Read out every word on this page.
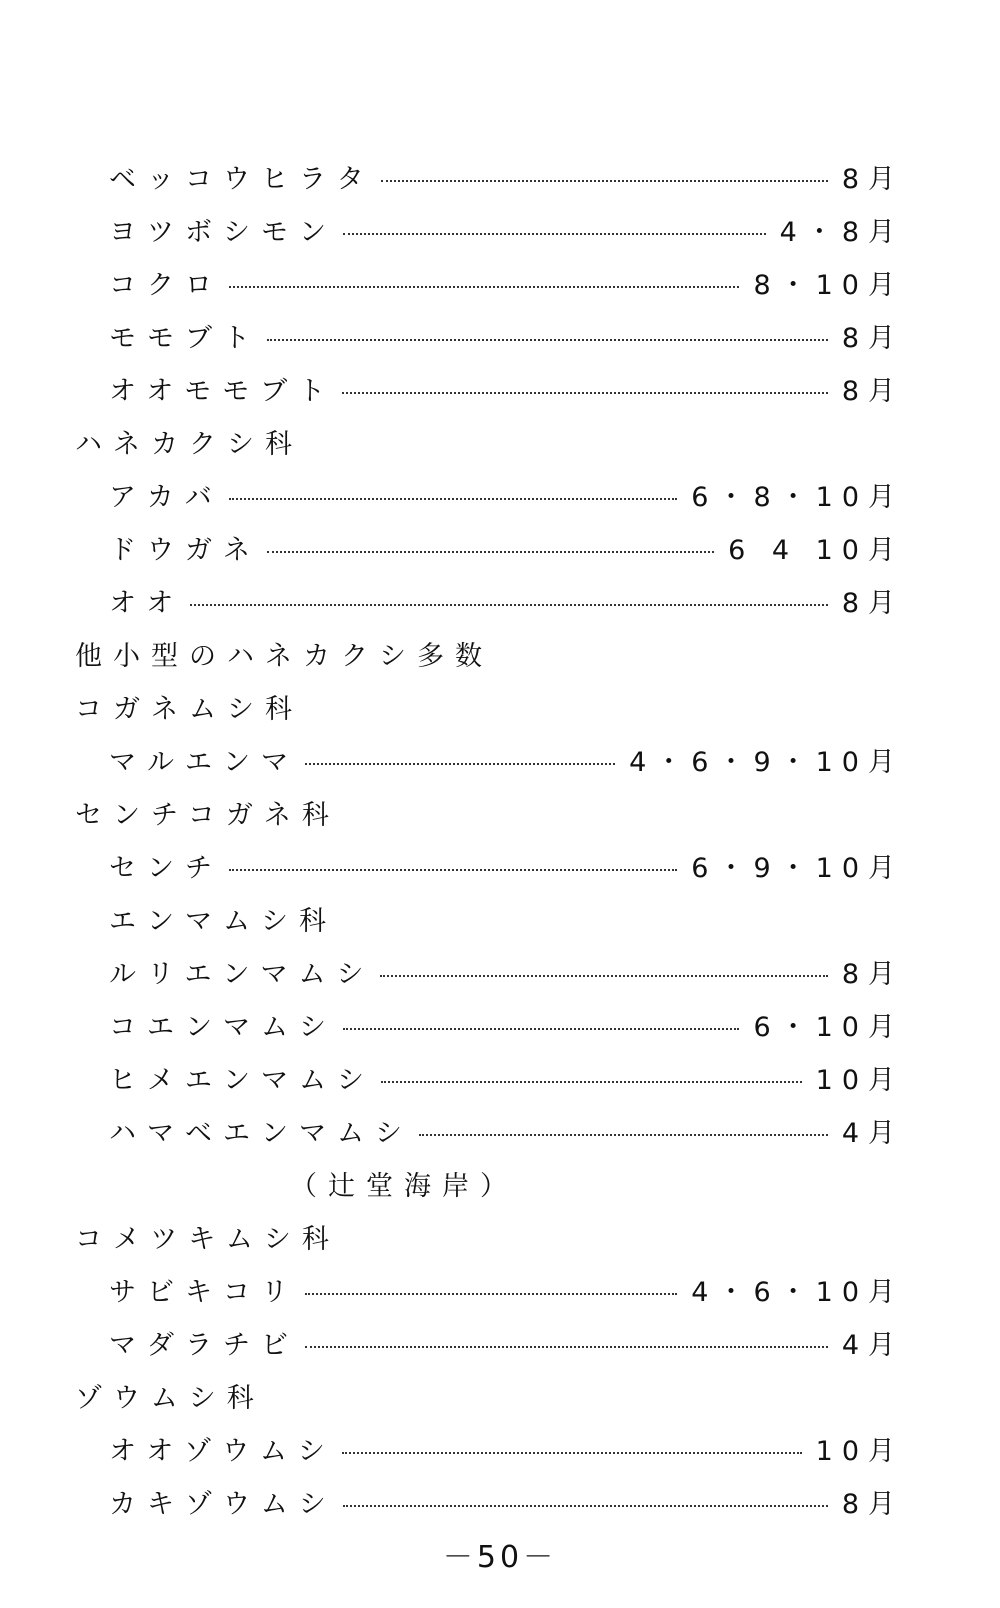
ベッコウヒラタ	8月
ヨツボシモン	4・8月
コクロ	8・10月
モモブト	8月
オオモモブト	8月
ハネカクシ科
アカバ	6・8・10月
ドウガネ	6 4 10月
オオ	8月
他小型のハネカクシ多数
コガネムシ科
マルエンマ	4・6・9・10月
センチコガネ科
センチ	6・9・10月
エンマムシ科
ルリエンマムシ	8月
コエンマムシ	6・10月
ヒメエンマムシ	10月
ハマベエンマムシ	4月
（辻堂海岸）
コメツキムシ科
サビキコリ	4・6・10月
マダラチビ	4月
ゾウムシ科
オオゾウムシ	10月
カキゾウムシ	8月
－50－
